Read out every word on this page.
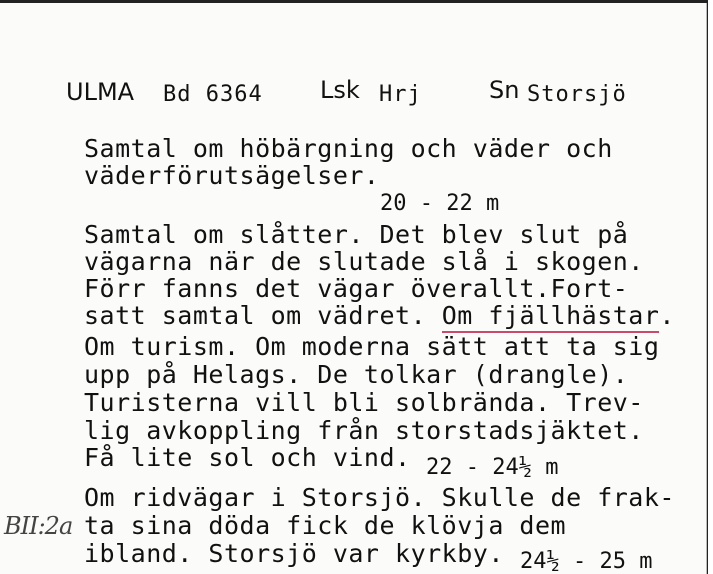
ULMA Bd 6364 Lsk Hrj	Sn Storsjö
Samtal om höbärgning och väder och
väderförutsägelser.
20 - 22 m
Samtal om slåtter. Det blev slut på
vägarna när de slutade slå i skogen.
Förr fanns det vägar överallt.Fort-
satt samtal om vädret. Om fjällhästar.
Om turism. Om moderna sätt att ta sig
upp på Helags. De tolkar (drangle).
Turisterna vill bli solbrända. Trev-
lig avkoppling från storstadsjäktet.
Få lite sol och vind. 22 - 24½ m
Om ridvägar i Storsjö. Skulle de frak-
ta sina döda fick de klövja dem
ibland. Storsjö var kyrkby. 24½ - 25 m
BII:2a
